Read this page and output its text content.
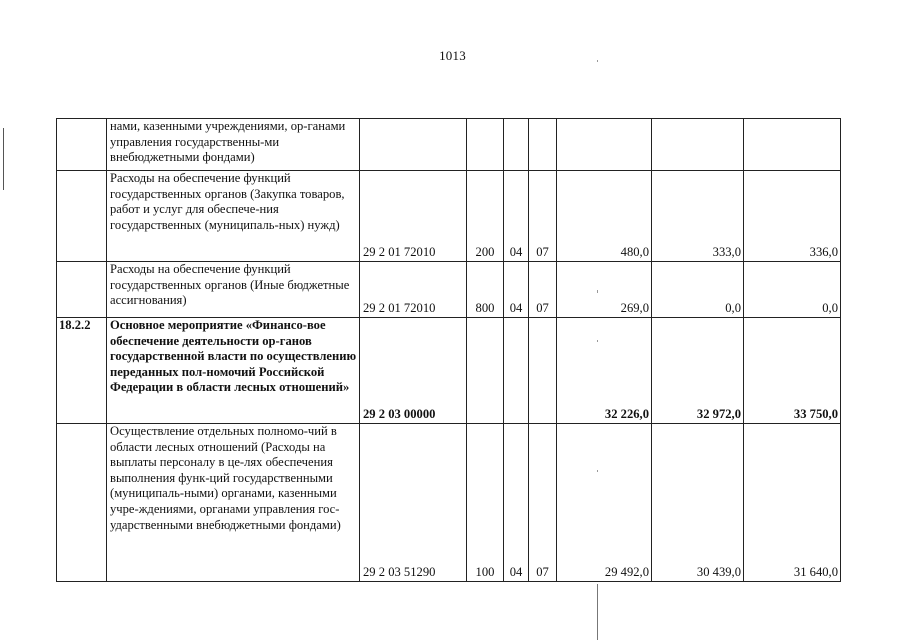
1013
	нами, казенными учреждениями, ор-ганами управления государственны-ми внебюджетными фондами)							
	Расходы на обеспечение функций государственных органов (Закупка товаров, работ и услуг для обеспече-ния государственных (муниципаль-ных) нужд)	29 2 01 72010	200	04	07	480,0	333,0	336,0
	Расходы на обеспечение функций государственных органов (Иные бюджетные ассигнования)	29 2 01 72010	800	04	07	269,0	0,0	0,0
18.2.2	Основное мероприятие «Финансо-вое обеспечение деятельности ор-ганов государственной власти по осуществлению переданных пол-номочий Российской Федерации в области лесных отношений»	29 2 03 00000				32 226,0	32 972,0	33 750,0
	Осуществление отдельных полномо-чий в области лесных отношений (Расходы на выплаты персоналу в це-лях обеспечения выполнения функ-ций государственными (муниципаль-ными) органами, казенными учре-ждениями, органами управления гос-ударственными внебюджетными фондами)	29 2 03 51290	100	04	07	29 492,0	30 439,0	31 640,0
